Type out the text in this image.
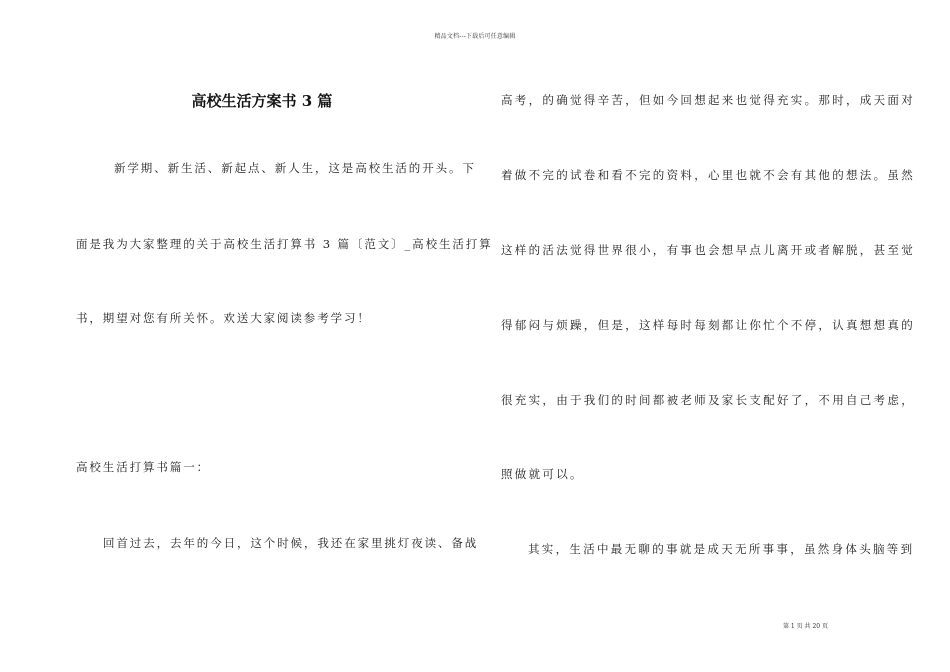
精品文档---下载后可任意编辑
高校生活方案书 3 篇
新学期、新生活、新起点、新人生，这是高校生活的开头。下
面是我为大家整理的关于高校生活打算书 3 篇〔范文〕_高校生活打算
书，期望对您有所关怀。欢送大家阅读参考学习！
高校生活打算书篇一：
回首过去，去年的今日，这个时候，我还在家里挑灯夜读、备战
高考，的确觉得辛苦，但如今回想起来也觉得充实。那时，成天面对
着做不完的试卷和看不完的资料，心里也就不会有其他的想法。虽然
这样的活法觉得世界很小，有事也会想早点儿离开或者解脱，甚至觉
得郁闷与烦躁，但是，这样每时每刻都让你忙个不停，认真想想真的
很充实，由于我们的时间都被老师及家长支配好了，不用自己考虑，
照做就可以。
其实，生活中最无聊的事就是成天无所事事，虽然身体头脑等到
第 1 页 共 20 页
